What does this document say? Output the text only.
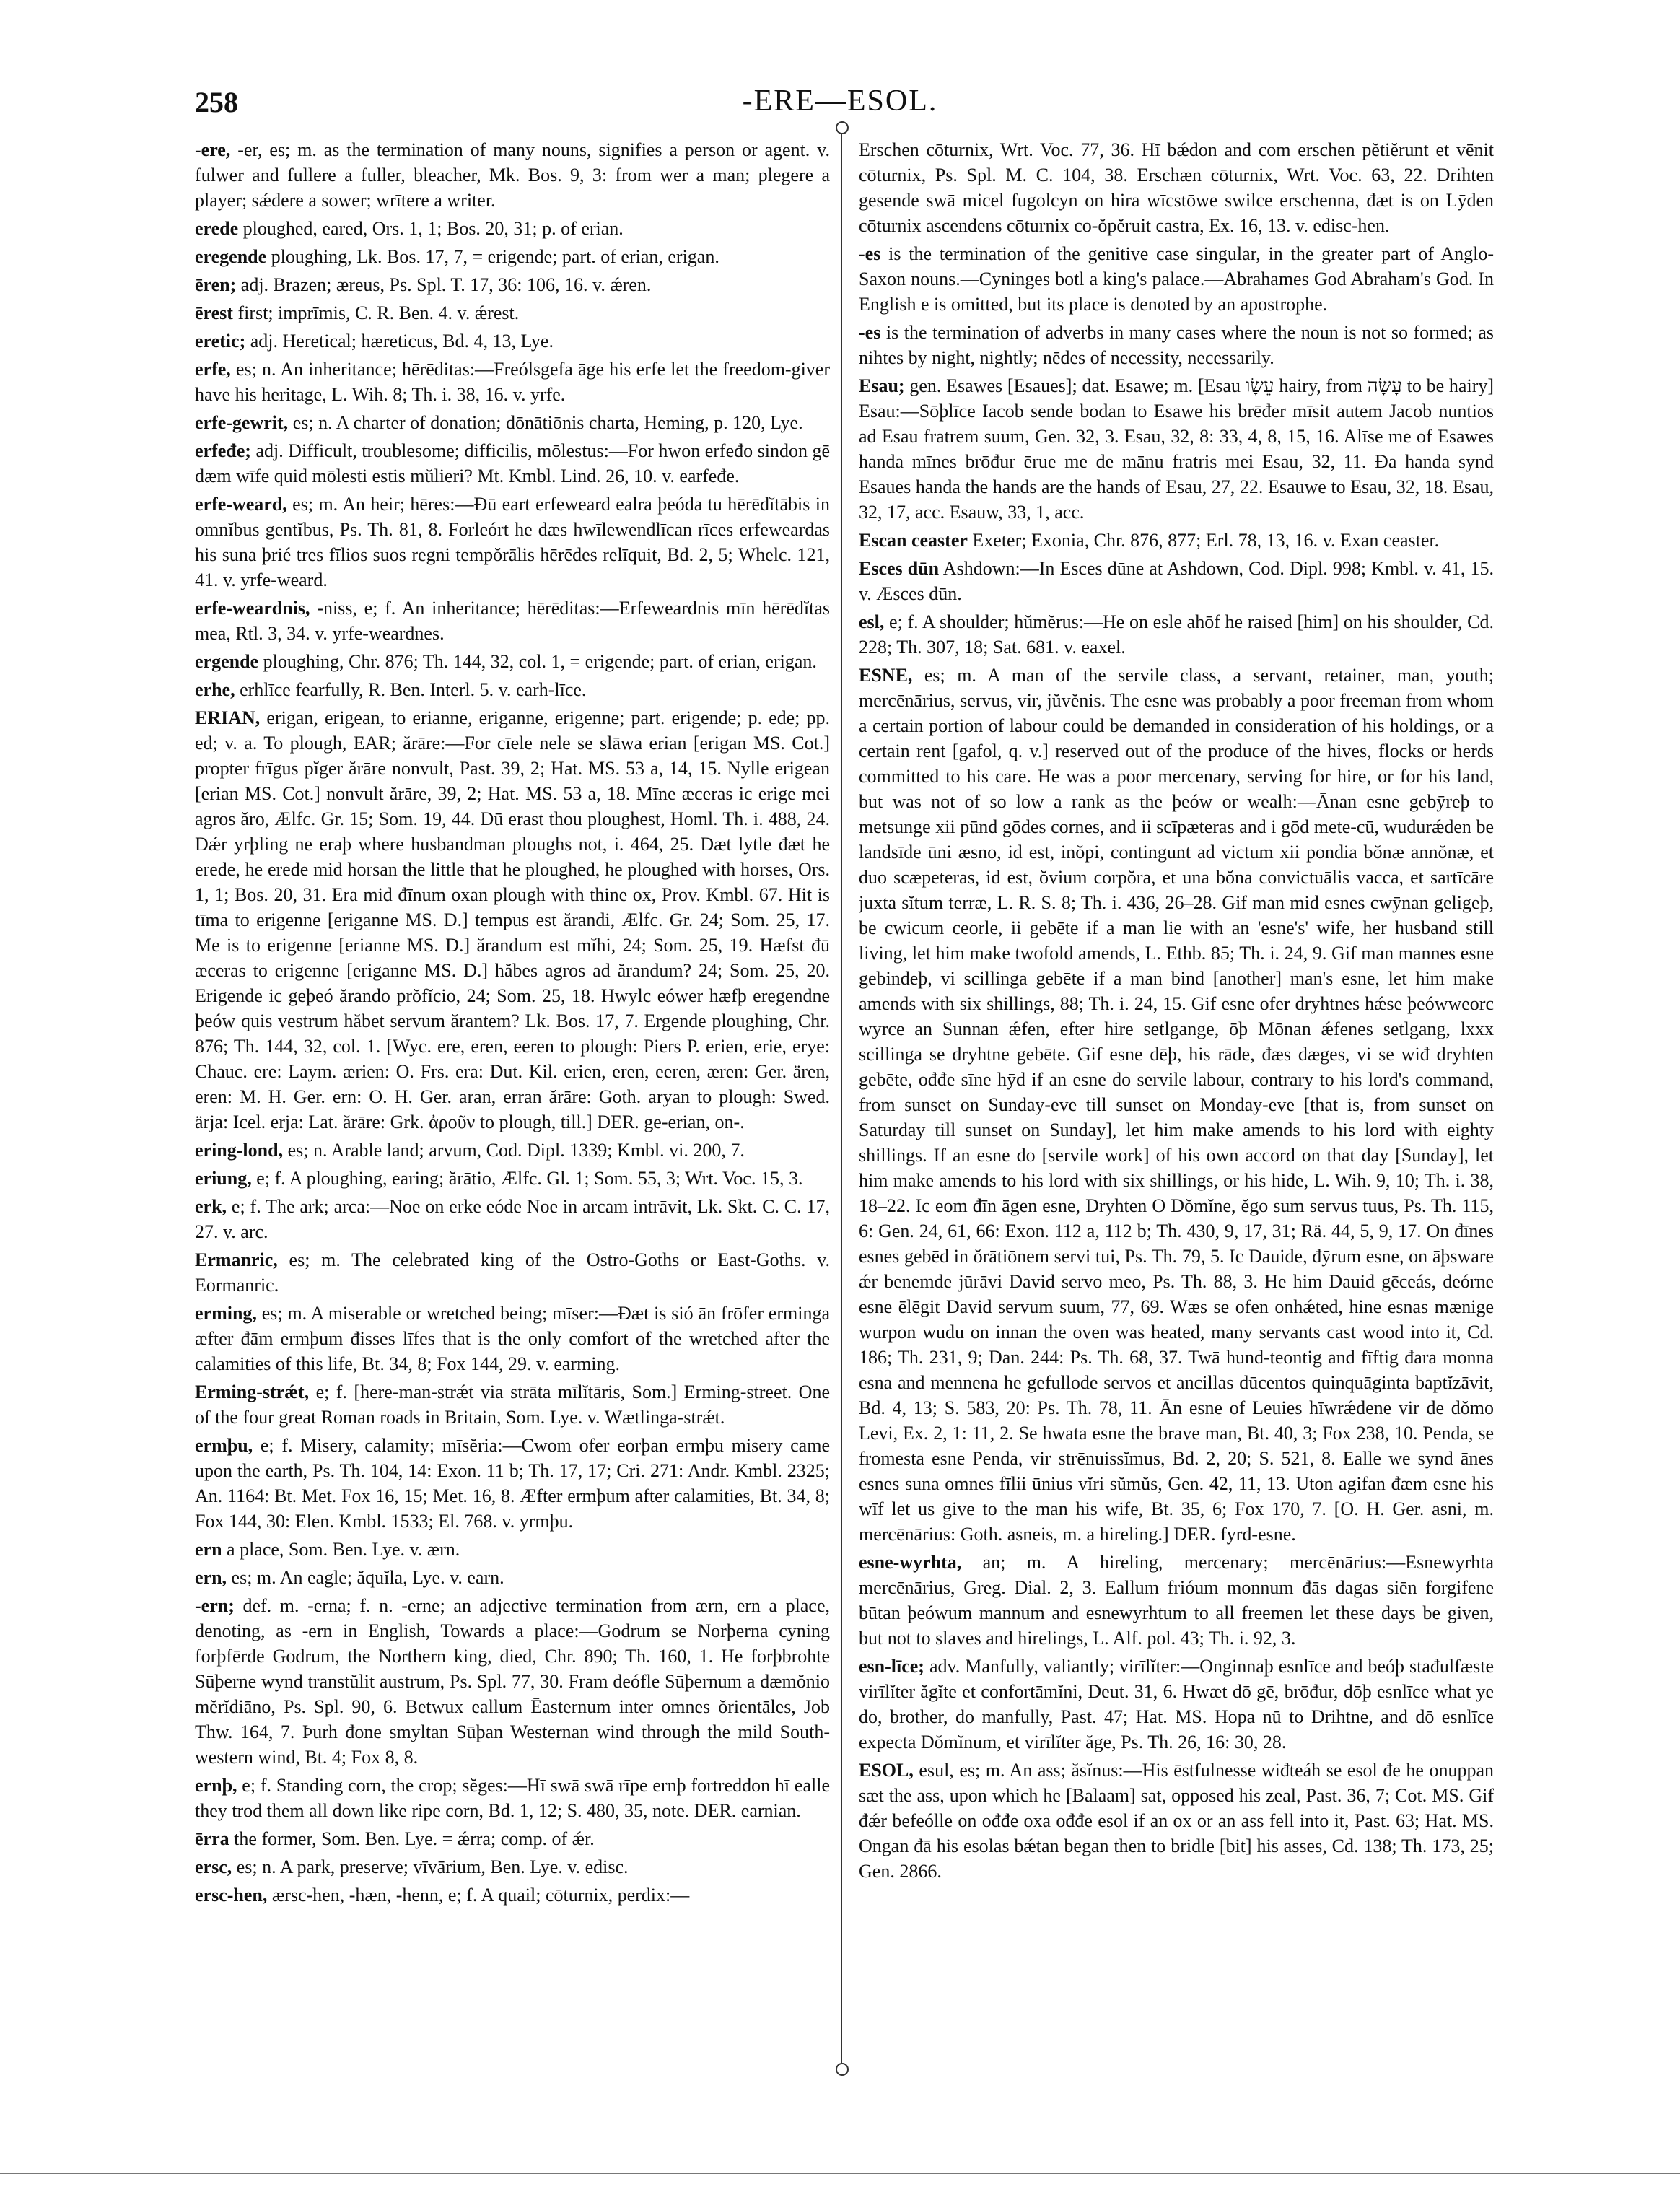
258	-ERE—ESOL.

-ere, -er, es; m. as the termination of many nouns, signifies a person or agent. v. fulwer and fullere a fuller, bleacher, Mk. Bos. 9, 3: from wer a man; plegere a player; sǽdere a sower; wrītere a writer.

erede ploughed, eared, Ors. 1, 1; Bos. 20, 31; p. of erian.

eregende ploughing, Lk. Bos. 17, 7, = erigende; part. of erian, erigan.

ēren; adj. Brazen; æreus, Ps. Spl. T. 17, 36: 106, 16. v. ǽren.

ērest first; imprīmis, C. R. Ben. 4. v. ǽrest.

eretic; adj. Heretical; hæreticus, Bd. 4, 13, Lye.

erfe, es; n. An inheritance; hērēditas:—Freólsgefa āge his erfe let the freedom-giver have his heritage, L. Wih. 8; Th. i. 38, 16. v. yrfe.

erfe-gewrit, es; n. A charter of donation; dōnātiōnis charta, Heming, p. 120, Lye.

erfeđe; adj. Difficult, troublesome; difficilis, mōlestus:—For hwon erfeđo sindon gē dæm wīfe quid mōlesti estis mŭlieri? Mt. Kmbl. Lind. 26, 10. v. earfeđe.

erfe-weard, es; m. An heir; hēres:—Đū eart erfeweard ealra þeóda tu hērēdĭtābis in omnĭbus gentĭbus, Ps. Th. 81, 8. Forleórt he dæs hwīlewendlīcan rīces erfeweardas his suna þrié tres fīlios suos regni tempŏrālis hērēdes relīquit, Bd. 2, 5; Whelc. 121, 41. v. yrfe-weard.

erfe-weardnis, -niss, e; f. An inheritance; hērēditas:—Erfeweardnis mīn hērēdĭtas mea, Rtl. 3, 34. v. yrfe-weardnes.

ergende ploughing, Chr. 876; Th. 144, 32, col. 1, = erigende; part. of erian, erigan.

erhe, erhlīce fearfully, R. Ben. Interl. 5. v. earh-līce.

ERIAN, erigan, erigean, to erianne, eriganne, erigenne; part. erigende; p. ede; pp. ed; v. a. To plough, EAR; ărāre:—For cīele nele se slāwa erian [erigan MS. Cot.] propter frīgus pĭger ărāre nonvult, Past. 39, 2; Hat. MS. 53 a, 14, 15. Nylle erigean [erian MS. Cot.] nonvult ărāre, 39, 2; Hat. MS. 53 a, 18. Mīne æceras ic erige mei agros ăro, Ælfc. Gr. 15; Som. 19, 44. Đū erast thou ploughest, Homl. Th. i. 488, 24. Đǽr yrþling ne eraþ where husbandman ploughs not, i. 464, 25. Đæt lytle đæt he erede, he erede mid horsan the little that he ploughed, he ploughed with horses, Ors. 1, 1; Bos. 20, 31. Era mid đīnum oxan plough with thine ox, Prov. Kmbl. 67. Hit is tīma to erigenne [eriganne MS. D.] tempus est ărandi, Ælfc. Gr. 24; Som. 25, 17. Me is to erigenne [erianne MS. D.] ărandum est mĭhi, 24; Som. 25, 19. Hæfst đū æceras to erigenne [eriganne MS. D.] hăbes agros ad ărandum? 24; Som. 25, 20. Erigende ic geþeó ărando prŏfĭcio, 24; Som. 25, 18. Hwylc eówer hæfþ eregendne þeów quis vestrum hăbet servum ărantem? Lk. Bos. 17, 7. Ergende ploughing, Chr. 876; Th. 144, 32, col. 1. [Wyc. ere, eren, eeren to plough: Piers P. erien, erie, erye: Chauc. ere: Laym. ærien: O. Frs. era: Dut. Kil. erien, eren, eeren, æren: Ger. ären, eren: M. H. Ger. ern: O. H. Ger. aran, erran ărāre: Goth. aryan to plough: Swed. ärja: Icel. erja: Lat. ărāre: Grk. ἀροῦν to plough, till.] DER. ge-erian, on-.

ering-lond, es; n. Arable land; arvum, Cod. Dipl. 1339; Kmbl. vi. 200, 7.

eriung, e; f. A ploughing, earing; ărātio, Ælfc. Gl. 1; Som. 55, 3; Wrt. Voc. 15, 3.

erk, e; f. The ark; arca:—Noe on erke eóde Noe in arcam intrāvit, Lk. Skt. C. C. 17, 27. v. arc.

Ermanric, es; m. The celebrated king of the Ostro-Goths or East-Goths. v. Eormanric.

erming, es; m. A miserable or wretched being; mīser:—Đæt is sió ān frōfer erminga æfter đām ermþum đisses līfes that is the only comfort of the wretched after the calamities of this life, Bt. 34, 8; Fox 144, 29. v. earming.

Erming-strǽt, e; f. [here-man-strǽt via strāta mīlĭtāris, Som.] Erming-street. One of the four great Roman roads in Britain, Som. Lye. v. Wætlinga-strǽt.

ermþu, e; f. Misery, calamity; mīsĕria:—Cwom ofer eorþan ermþu misery came upon the earth, Ps. Th. 104, 14: Exon. 11 b; Th. 17, 17; Cri. 271: Andr. Kmbl. 2325; An. 1164: Bt. Met. Fox 16, 15; Met. 16, 8. Æfter ermþum after calamities, Bt. 34, 8; Fox 144, 30: Elen. Kmbl. 1533; El. 768. v. yrmþu.

ern a place, Som. Ben. Lye. v. ærn.

ern, es; m. An eagle; ăquĭla, Lye. v. earn.

-ern; def. m. -erna; f. n. -erne; an adjective termination from ærn, ern a place, denoting, as -ern in English, Towards a place:—Godrum se Norþerna cyning forþfērde Godrum, the Northern king, died, Chr. 890; Th. 160, 1. He forþbrohte Sūþerne wynd transtŭlit austrum, Ps. Spl. 77, 30. Fram deófle Sūþernum a dæmŏnio mĕrĭdiāno, Ps. Spl. 90, 6. Betwux eallum Ēasternum inter omnes ŏrientāles, Job Thw. 164, 7. Þurh đone smyltan Sūþan Westernan wind through the mild South-western wind, Bt. 4; Fox 8, 8.

ernþ, e; f. Standing corn, the crop; sĕges:—Hī swā swā rīpe ernþ fortreddon hī ealle they trod them all down like ripe corn, Bd. 1, 12; S. 480, 35, note. DER. earnian.

ērra the former, Som. Ben. Lye. = ǽrra; comp. of ǽr.

ersc, es; n. A park, preserve; vīvārium, Ben. Lye. v. edisc.

ersc-hen, ærsc-hen, -hæn, -henn, e; f. A quail; cōturnix, perdix:—

Erschen cōturnix, Wrt. Voc. 77, 36. Hī bǽdon and com erschen pĕtiĕrunt et vēnit cōturnix, Ps. Spl. M. C. 104, 38. Erschæn cōturnix, Wrt. Voc. 63, 22. Drihten gesende swā micel fugolcyn on hira wīcstōwe swilce erschenna, đæt is on Lȳden cōturnix ascendens cōturnix co-ŏpĕruit castra, Ex. 16, 13. v. edisc-hen.

-es is the termination of the genitive case singular, in the greater part of Anglo-Saxon nouns.—Cyninges botl a king's palace.—Abrahames God Abraham's God. In English e is omitted, but its place is denoted by an apostrophe.

-es is the termination of adverbs in many cases where the noun is not so formed; as nihtes by night, nightly; nēdes of necessity, necessarily.

Esau; gen. Esawes [Esaues]; dat. Esawe; m. [Esau עֵשָׂו hairy, from עָשָׂה to be hairy] Esau:—Sōþlīce Iacob sende bodan to Esawe his brēđer mīsit autem Jacob nuntios ad Esau fratrem suum, Gen. 32, 3. Esau, 32, 8: 33, 4, 8, 15, 16. Alīse me of Esawes handa mīnes brōđur ērue me de mānu fratris mei Esau, 32, 11. Đa handa synd Esaues handa the hands are the hands of Esau, 27, 22. Esauwe to Esau, 32, 18. Esau, 32, 17, acc. Esauw, 33, 1, acc.

Escan ceaster Exeter; Exonia, Chr. 876, 877; Erl. 78, 13, 16. v. Exan ceaster.

Esces dūn Ashdown:—In Esces dūne at Ashdown, Cod. Dipl. 998; Kmbl. v. 41, 15. v. Æsces dūn.

esl, e; f. A shoulder; hŭmĕrus:—He on esle ahōf he raised [him] on his shoulder, Cd. 228; Th. 307, 18; Sat. 681. v. eaxel.

ESNE, es; m. A man of the servile class, a servant, retainer, man, youth; mercēnārius, servus, vir, jŭvĕnis. The esne was probably a poor freeman from whom a certain portion of labour could be demanded in consideration of his holdings, or a certain rent [gafol, q. v.] reserved out of the produce of the hives, flocks or herds committed to his care. He was a poor mercenary, serving for hire, or for his land, but was not of so low a rank as the þeów or wealh:—Ānan esne gebȳreþ to metsunge xii pūnd gōdes cornes, and ii scīpæteras and i gōd mete-cū, wudurǽden be landsīde ūni æsno, id est, inŏpi, contingunt ad victum xii pondia bŏnæ annŏnæ, et duo scæpeteras, id est, ŏvium corpŏra, et una bŏna convictuālis vacca, et sartīcāre juxta sĭtum terræ, L. R. S. 8; Th. i. 436, 26–28. Gif man mid esnes cwȳnan geligeþ, be cwicum ceorle, ii gebēte if a man lie with an 'esne's' wife, her husband still living, let him make twofold amends, L. Ethb. 85; Th. i. 24, 9. Gif man mannes esne gebindeþ, vi scillinga gebēte if a man bind [another] man's esne, let him make amends with six shillings, 88; Th. i. 24, 15. Gif esne ofer dryhtnes hǽse þeówweorc wyrce an Sunnan ǽfen, efter hire setlgange, ōþ Mōnan ǽfenes setlgang, lxxx scillinga se dryhtne gebēte. Gif esne dēþ, his rāde, đæs dæges, vi se wiđ dryhten gebēte, ođđe sīne hȳd if an esne do servile labour, contrary to his lord's command, from sunset on Sunday-eve till sunset on Monday-eve [that is, from sunset on Saturday till sunset on Sunday], let him make amends to his lord with eighty shillings. If an esne do [servile work] of his own accord on that day [Sunday], let him make amends to his lord with six shillings, or his hide, L. Wih. 9, 10; Th. i. 38, 18–22. Ic eom đīn āgen esne, Dryhten O Dŏmĭne, ĕgo sum servus tuus, Ps. Th. 115, 6: Gen. 24, 61, 66: Exon. 112 a, 112 b; Th. 430, 9, 17, 31; Rä. 44, 5, 9, 17. On đīnes esnes gebēd in ŏrātiōnem servi tui, Ps. Th. 79, 5. Ic Dauide, đȳrum esne, on āþsware ǽr benemde jūrāvi David servo meo, Ps. Th. 88, 3. He him Dauid gēceás, deórne esne ēlēgit David servum suum, 77, 69. Wæs se ofen onhǽted, hine esnas mænige wurpon wudu on innan the oven was heated, many servants cast wood into it, Cd. 186; Th. 231, 9; Dan. 244: Ps. Th. 68, 37. Twā hund-teontig and fīftig đara monna esna and mennena he gefullode servos et ancillas dūcentos quinquāginta baptĭzāvit, Bd. 4, 13; S. 583, 20: Ps. Th. 78, 11. Ān esne of Leuies hīwrǽdene vir de dŏmo Levi, Ex. 2, 1: 11, 2. Se hwata esne the brave man, Bt. 40, 3; Fox 238, 10. Penda, se fromesta esne Penda, vir strēnuissĭmus, Bd. 2, 20; S. 521, 8. Ealle we synd ānes esnes suna omnes fīlii ūnius vĭri sŭmŭs, Gen. 42, 11, 13. Uton agifan đæm esne his wīf let us give to the man his wife, Bt. 35, 6; Fox 170, 7. [O. H. Ger. asni, m. mercēnārius: Goth. asneis, m. a hireling.] DER. fyrd-esne.

esne-wyrhta, an; m. A hireling, mercenary; mercēnārius:—Esnewyrhta mercēnārius, Greg. Dial. 2, 3. Eallum frióum monnum đās dagas siēn forgifene būtan þeówum mannum and esnewyrhtum to all freemen let these days be given, but not to slaves and hirelings, L. Alf. pol. 43; Th. i. 92, 3.

esn-līce; adv. Manfully, valiantly; virīlĭter:—Onginnaþ esnlīce and beóþ stađulfæste virīlĭter ăgĭte et confortāmĭni, Deut. 31, 6. Hwæt dō gē, brōđur, dōþ esnlīce what ye do, brother, do manfully, Past. 47; Hat. MS. Hopa nū to Drihtne, and dō esnlīce expecta Dŏmĭnum, et virīlĭter ăge, Ps. Th. 26, 16: 30, 28.

ESOL, esul, es; m. An ass; ăsĭnus:—His ēstfulnesse wiđteáh se esol đe he onuppan sæt the ass, upon which he [Balaam] sat, opposed his zeal, Past. 36, 7; Cot. MS. Gif đǽr befeólle on ođđe oxa ođđe esol if an ox or an ass fell into it, Past. 63; Hat. MS. Ongan đā his esolas bǽtan began then to bridle [bit] his asses, Cd. 138; Th. 173, 25; Gen. 2866.
